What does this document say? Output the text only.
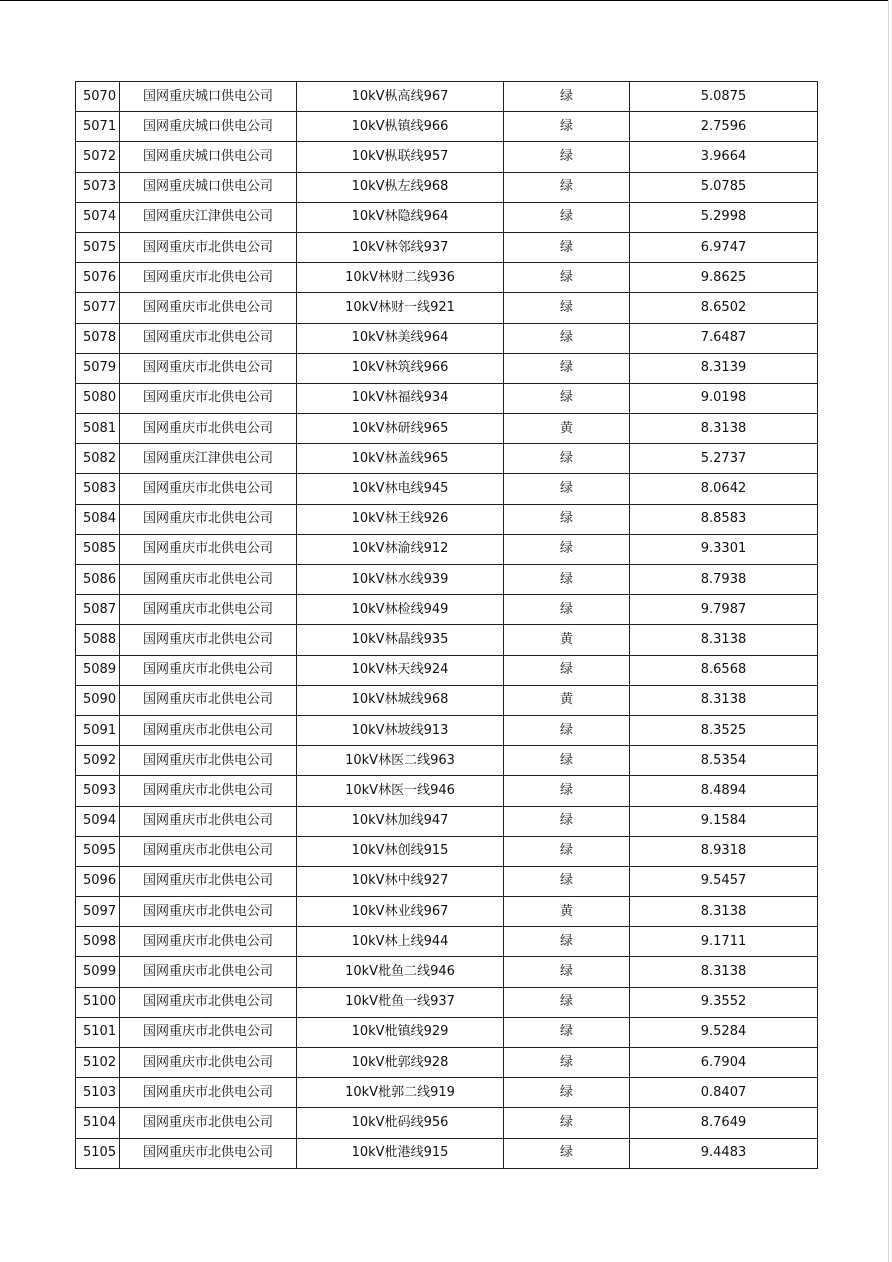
5070	国网重庆城口供电公司	10kV枞高线967	绿	5.0875
5071	国网重庆城口供电公司	10kV枞镇线966	绿	2.7596
5072	国网重庆城口供电公司	10kV枞联线957	绿	3.9664
5073	国网重庆城口供电公司	10kV枞左线968	绿	5.0785
5074	国网重庆江津供电公司	10kV林隐线964	绿	5.2998
5075	国网重庆市北供电公司	10kV林邻线937	绿	6.9747
5076	国网重庆市北供电公司	10kV林财二线936	绿	9.8625
5077	国网重庆市北供电公司	10kV林财一线921	绿	8.6502
5078	国网重庆市北供电公司	10kV林美线964	绿	7.6487
5079	国网重庆市北供电公司	10kV林筑线966	绿	8.3139
5080	国网重庆市北供电公司	10kV林福线934	绿	9.0198
5081	国网重庆市北供电公司	10kV林研线965	黄	8.3138
5082	国网重庆江津供电公司	10kV林盖线965	绿	5.2737
5083	国网重庆市北供电公司	10kV林电线945	绿	8.0642
5084	国网重庆市北供电公司	10kV林王线926	绿	8.8583
5085	国网重庆市北供电公司	10kV林渝线912	绿	9.3301
5086	国网重庆市北供电公司	10kV林水线939	绿	8.7938
5087	国网重庆市北供电公司	10kV林检线949	绿	9.7987
5088	国网重庆市北供电公司	10kV林晶线935	黄	8.3138
5089	国网重庆市北供电公司	10kV林天线924	绿	8.6568
5090	国网重庆市北供电公司	10kV林城线968	黄	8.3138
5091	国网重庆市北供电公司	10kV林坡线913	绿	8.3525
5092	国网重庆市北供电公司	10kV林医二线963	绿	8.5354
5093	国网重庆市北供电公司	10kV林医一线946	绿	8.4894
5094	国网重庆市北供电公司	10kV林加线947	绿	9.1584
5095	国网重庆市北供电公司	10kV林创线915	绿	8.9318
5096	国网重庆市北供电公司	10kV林中线927	绿	9.5457
5097	国网重庆市北供电公司	10kV林业线967	黄	8.3138
5098	国网重庆市北供电公司	10kV林上线944	绿	9.1711
5099	国网重庆市北供电公司	10kV枇鱼二线946	绿	8.3138
5100	国网重庆市北供电公司	10kV枇鱼一线937	绿	9.3552
5101	国网重庆市北供电公司	10kV枇镇线929	绿	9.5284
5102	国网重庆市北供电公司	10kV枇郭线928	绿	6.7904
5103	国网重庆市北供电公司	10kV枇郭二线919	绿	0.8407
5104	国网重庆市北供电公司	10kV枇码线956	绿	8.7649
5105	国网重庆市北供电公司	10kV枇港线915	绿	9.4483
